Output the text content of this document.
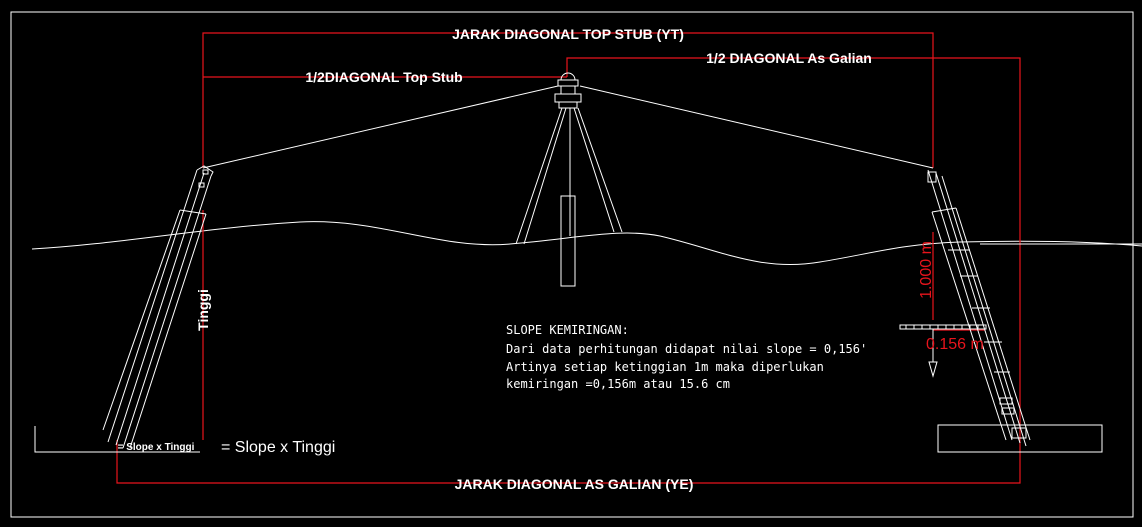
JARAK DIAGONAL TOP STUB (YT)
1/2 DIAGONAL As Galian
1/2DIAGONAL Top Stub
Tinggi
= Slope x Tinggi = Slope x Tinggi
JARAK DIAGONAL AS GALIAN (YE)
1.000 m
0.156 m
SLOPE KEMIRINGAN:
Dari data perhitungan didapat nilai slope = 0,156'
Artinya setiap ketinggian 1m maka diperlukan
kemiringan =0,156m atau 15.6 cm
